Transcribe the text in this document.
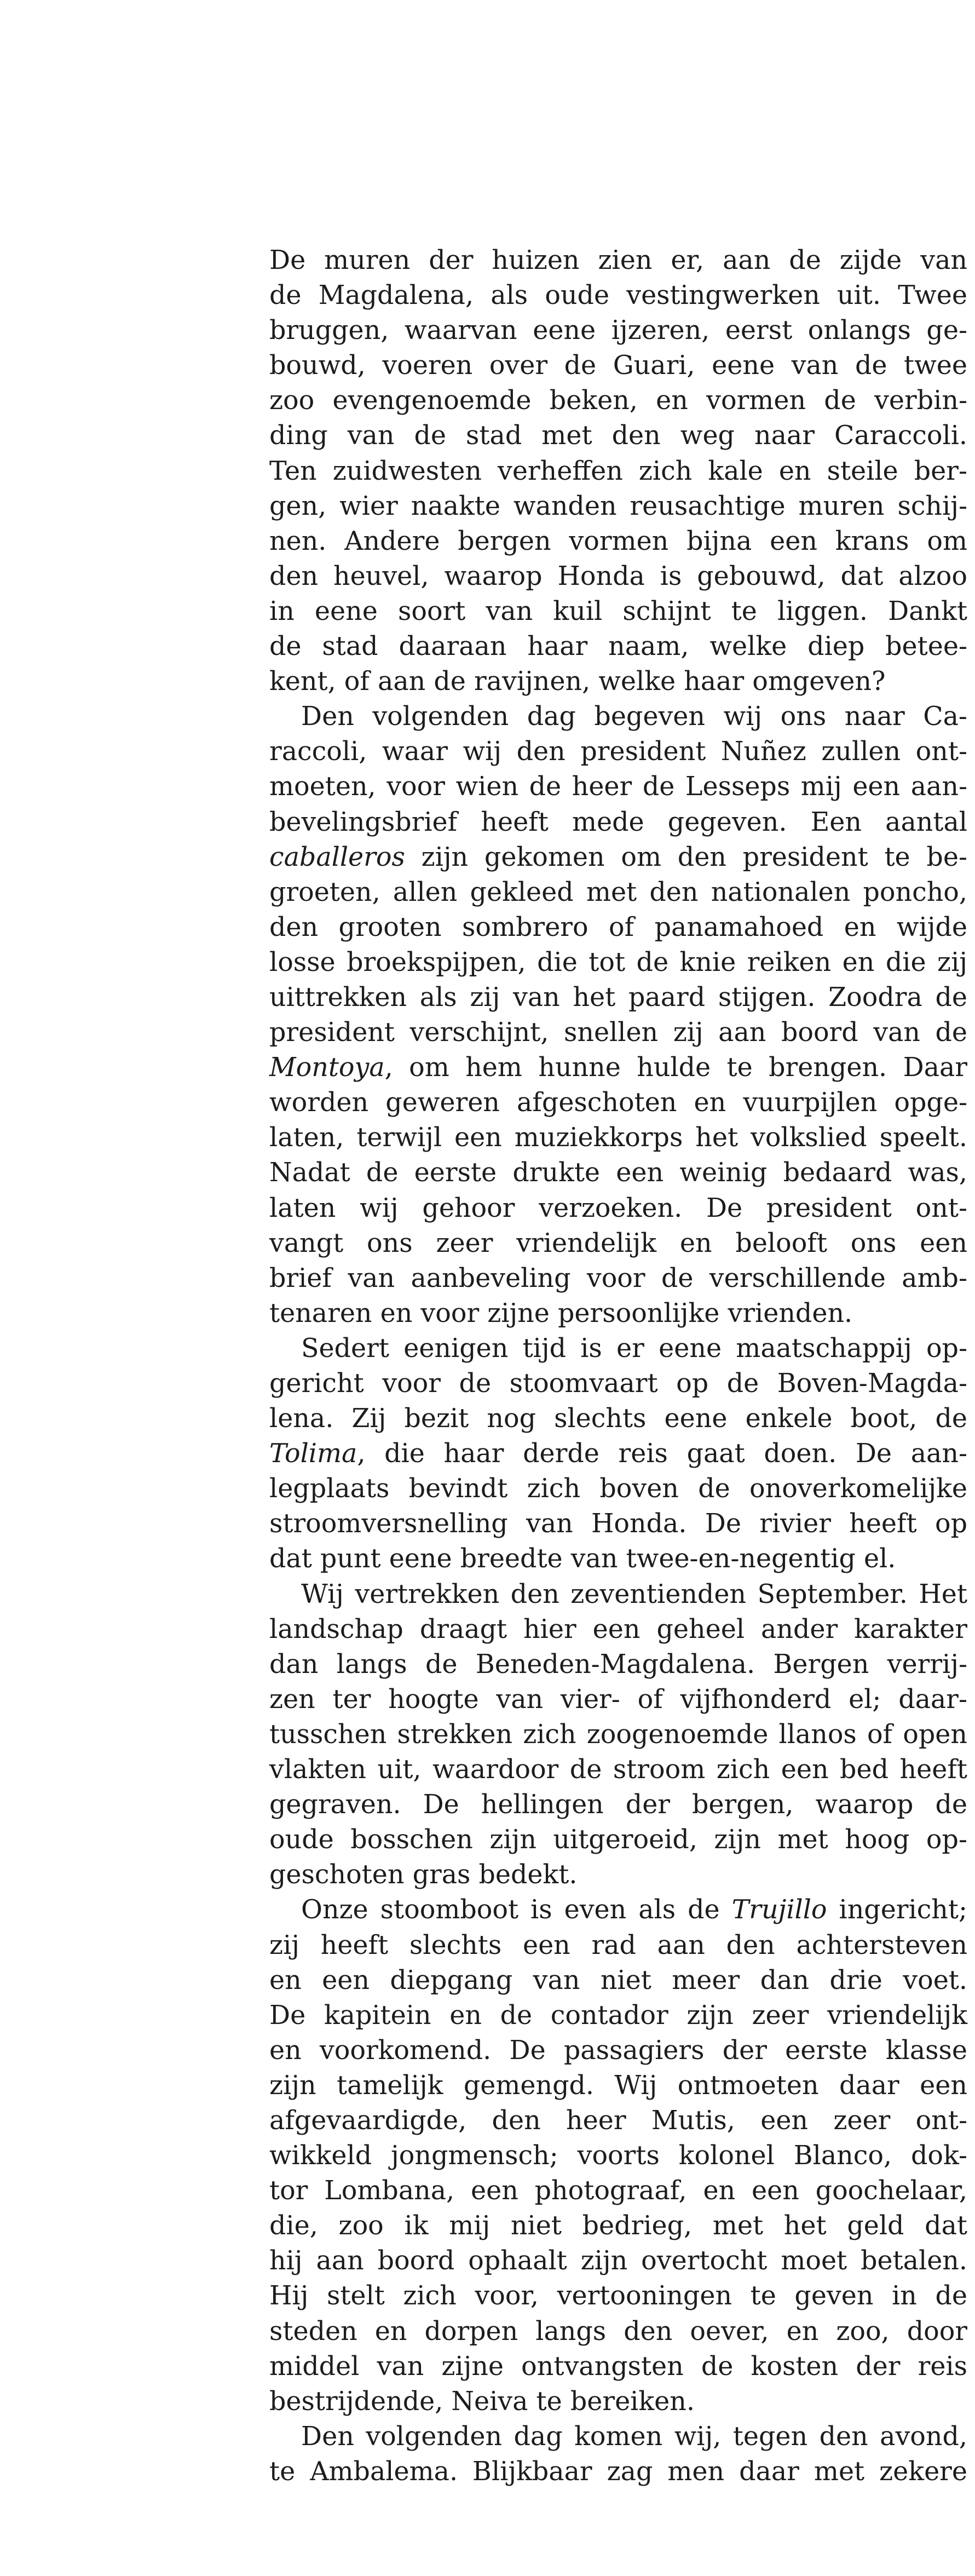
De muren der huizen zien er, aan de zijde van
de Magdalena, als oude vestingwerken uit. Twee
bruggen, waarvan eene ijzeren, eerst onlangs ge-
bouwd, voeren over de Guari, eene van de twee
zoo evengenoemde beken, en vormen de verbin-
ding van de stad met den weg naar Caraccoli.
Ten zuidwesten verheffen zich kale en steile ber-
gen, wier naakte wanden reusachtige muren schij-
nen. Andere bergen vormen bijna een krans om
den heuvel, waarop Honda is gebouwd, dat alzoo
in eene soort van kuil schijnt te liggen. Dankt
de stad daaraan haar naam, welke diep betee-
kent, of aan de ravijnen, welke haar omgeven?

Den volgenden dag begeven wij ons naar Ca-
raccoli, waar wij den president Nuñez zullen ont-
moeten, voor wien de heer de Lesseps mij een aan-
bevelingsbrief heeft mede gegeven. Een aantal
caballeros zijn gekomen om den president te be-
groeten, allen gekleed met den nationalen poncho,
den grooten sombrero of panamahoed en wijde
losse broekspijpen, die tot de knie reiken en die zij
uittrekken als zij van het paard stijgen. Zoodra de
president verschijnt, snellen zij aan boord van de
Montoya, om hem hunne hulde te brengen. Daar
worden geweren afgeschoten en vuurpijlen opge-
laten, terwijl een muziekkorps het volkslied speelt.
Nadat de eerste drukte een weinig bedaard was,
laten wij gehoor verzoeken. De president ont-
vangt ons zeer vriendelijk en belooft ons een
brief van aanbeveling voor de verschillende amb-
tenaren en voor zijne persoonlijke vrienden.

Sedert eenigen tijd is er eene maatschappij op-
gericht voor de stoomvaart op de Boven-Magda-
lena. Zij bezit nog slechts eene enkele boot, de
Tolima, die haar derde reis gaat doen. De aan-
legplaats bevindt zich boven de onoverkomelijke
stroomversnelling van Honda. De rivier heeft op
dat punt eene breedte van twee-en-negentig el.

Wij vertrekken den zeventienden September. Het
landschap draagt hier een geheel ander karakter
dan langs de Beneden-Magdalena. Bergen verrij-
zen ter hoogte van vier- of vijfhonderd el; daar-
tusschen strekken zich zoogenoemde llanos of open
vlakten uit, waardoor de stroom zich een bed heeft
gegraven. De hellingen der bergen, waarop de
oude bosschen zijn uitgeroeid, zijn met hoog op-
geschoten gras bedekt.

Onze stoomboot is even als de Trujillo ingericht;
zij heeft slechts een rad aan den achtersteven
en een diepgang van niet meer dan drie voet.
De kapitein en de contador zijn zeer vriendelijk
en voorkomend. De passagiers der eerste klasse
zijn tamelijk gemengd. Wij ontmoeten daar een
afgevaardigde, den heer Mutis, een zeer ont-
wikkeld jongmensch; voorts kolonel Blanco, dok-
tor Lombana, een photograaf, en een goochelaar,
die, zoo ik mij niet bedrieg, met het geld dat
hij aan boord ophaalt zijn overtocht moet betalen.
Hij stelt zich voor, vertooningen te geven in de
steden en dorpen langs den oever, en zoo, door
middel van zijne ontvangsten de kosten der reis
bestrijdende, Neiva te bereiken.

Den volgenden dag komen wij, tegen den avond,
te Ambalema. Blijkbaar zag men daar met zekere
